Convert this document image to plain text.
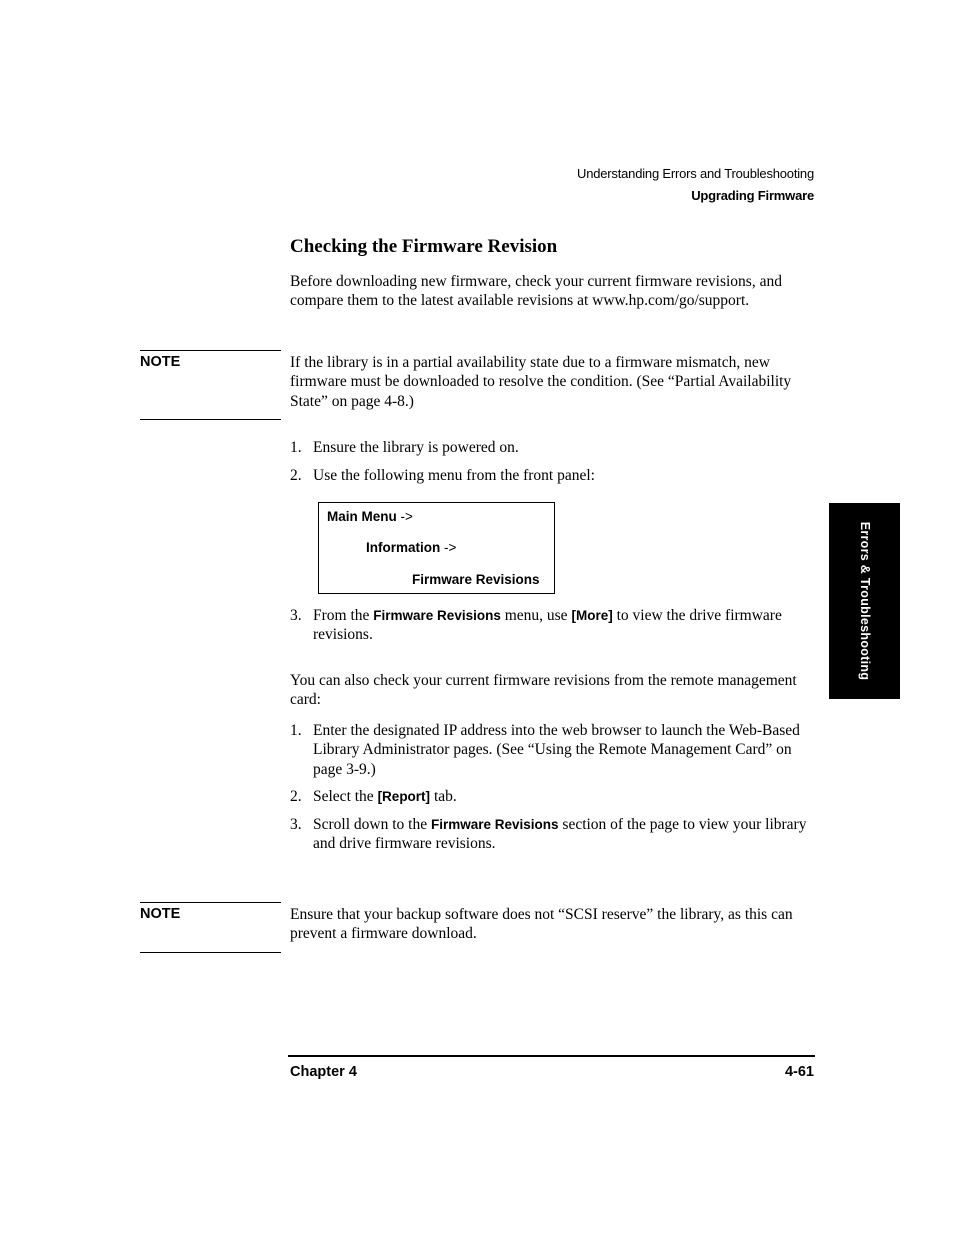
Understanding Errors and Troubleshooting
Upgrading Firmware
Checking the Firmware Revision

Before downloading new firmware, check your current firmware revisions, and compare them to the latest available revisions at www.hp.com/go/support.

NOTE	If the library is in a partial availability state due to a firmware mismatch, new firmware must be downloaded to resolve the condition. (See “Partial Availability State” on page 4-8.)

1. Ensure the library is powered on.
2. Use the following menu from the front panel:
Main Menu ->
Information ->
Firmware Revisions
3. From the Firmware Revisions menu, use [More] to view the drive firmware revisions.

You can also check your current firmware revisions from the remote management card:

1. Enter the designated IP address into the web browser to launch the Web-Based Library Administrator pages. (See “Using the Remote Management Card” on page 3-9.)
2. Select the [Report] tab.
3. Scroll down to the Firmware Revisions section of the page to view your library and drive firmware revisions.
NOTE	Ensure that your backup software does not “SCSI reserve” the library, as this can prevent a firmware download.

Errors & Troubleshooting
Chapter 4	4-61
